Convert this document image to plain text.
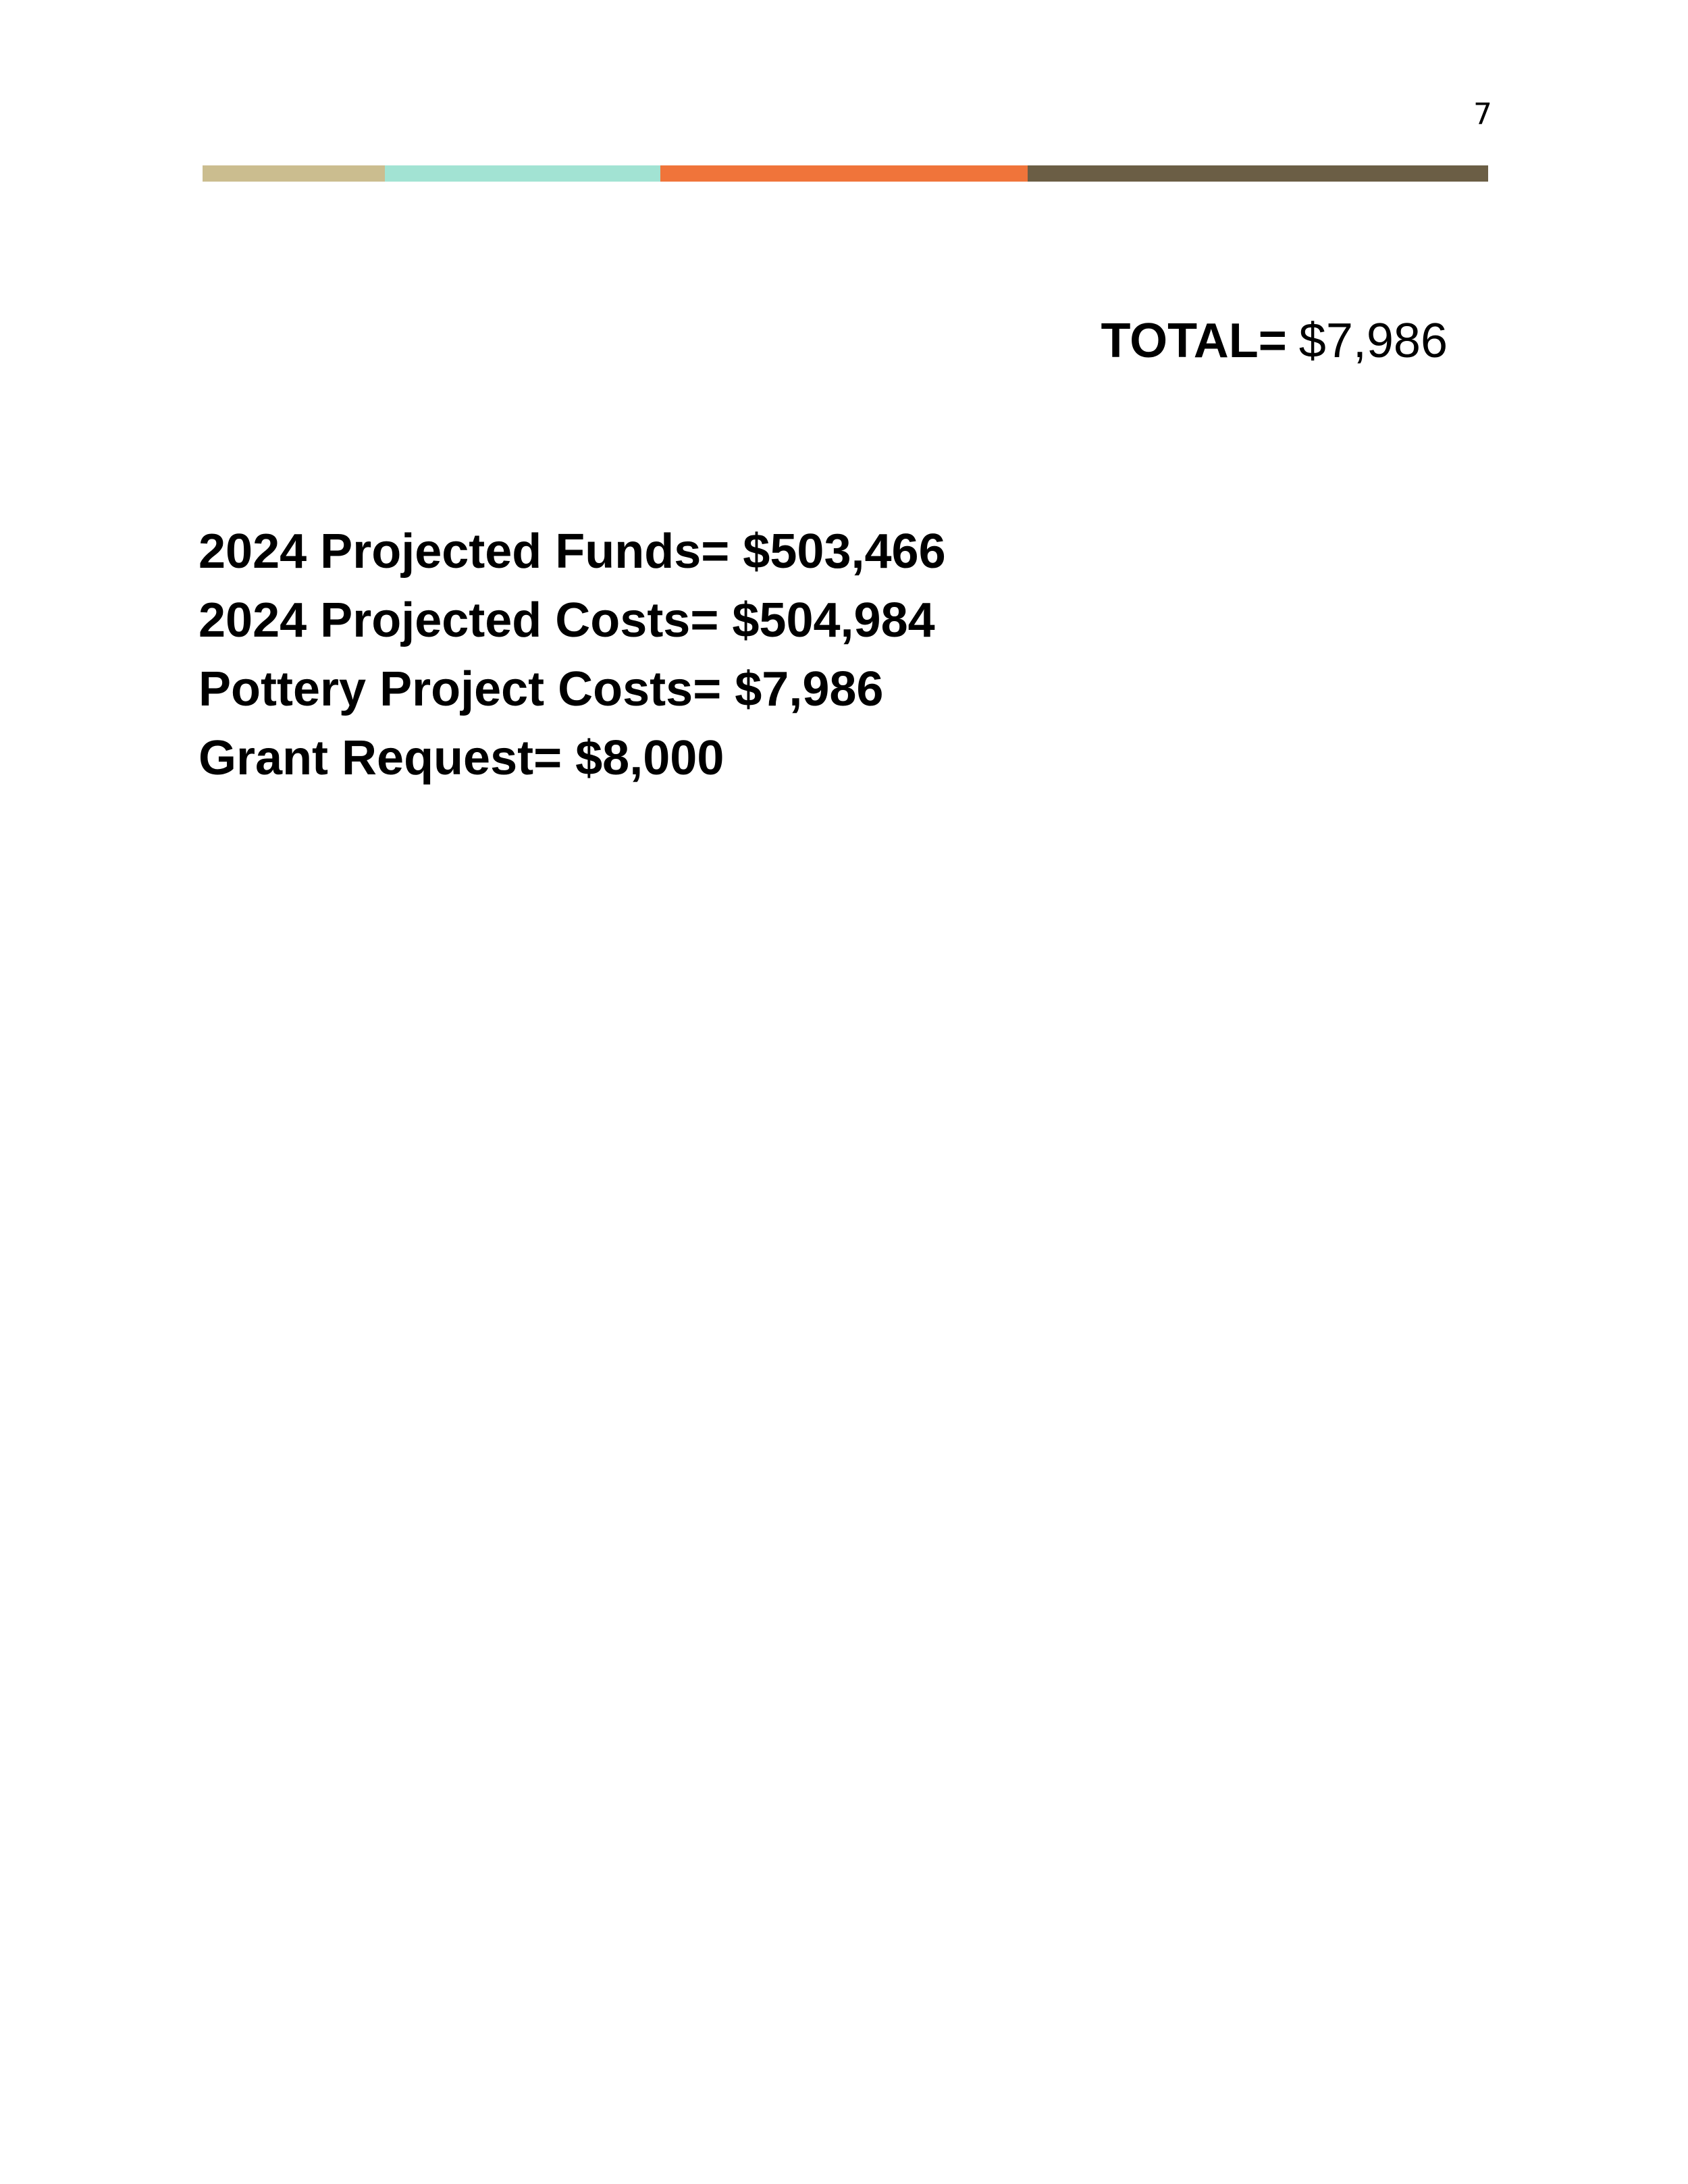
7
TOTAL= $7,986
2024 Projected Funds= $503,466
2024 Projected Costs= $504,984
Pottery Project Costs= $7,986
Grant Request= $8,000
